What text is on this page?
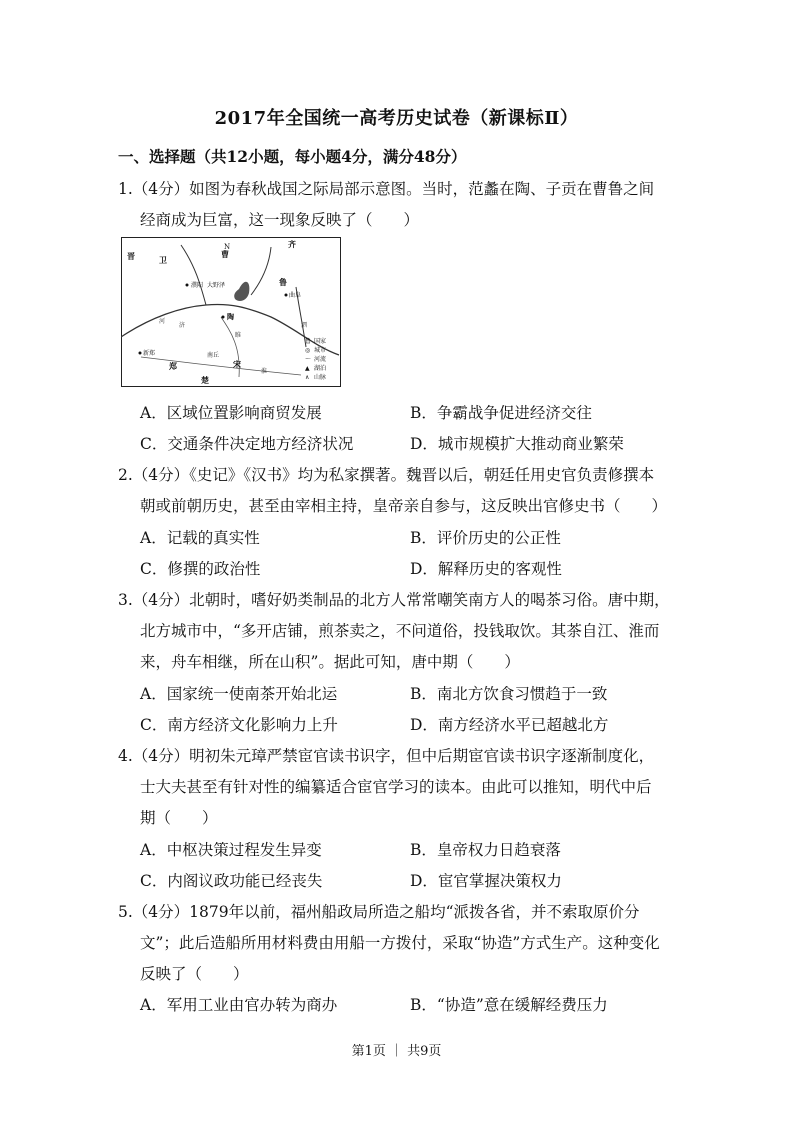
2017年全国统一高考历史试卷（新课标Ⅱ）
一、选择题（共12小题，每小题4分，满分48分）
1.（4分）如图为春秋战国之际局部示意图。当时，范蠡在陶、子贡在曹鲁之间
经商成为巨富，这一现象反映了（　　）
晋	卫
齐
N
鲁
曹
濮阳 大野泽
曲阜
陶
新郑	南丘
郑	宋
楚
河
济	泗
淮
睢
鲁 国家
◎ 城市
〜 河流
▲ 湖泊
∧ 山脉
A．区域位置影响商贸发展	B．争霸战争促进经济交往
C．交通条件决定地方经济状况	D．城市规模扩大推动商业繁荣
2.（4分）《史记》《汉书》均为私家撰著。魏晋以后，朝廷任用史官负责修撰本
朝或前朝历史，甚至由宰相主持，皇帝亲自参与，这反映出官修史书（　　）
A．记载的真实性	B．评价历史的公正性
C．修撰的政治性	D．解释历史的客观性
3.（4分）北朝时，嗜好奶类制品的北方人常常嘲笑南方人的喝茶习俗。唐中期，
北方城市中，“多开店铺，煎茶卖之，不问道俗，投钱取饮。其茶自江、淮而
来，舟车相继，所在山积”。据此可知，唐中期（　　）
A．国家统一使南茶开始北运	B．南北方饮食习惯趋于一致
C．南方经济文化影响力上升	D．南方经济水平已超越北方
4.（4分）明初朱元璋严禁宦官读书识字，但中后期宦官读书识字逐渐制度化，
士大夫甚至有针对性的编纂适合宦官学习的读本。由此可以推知，明代中后
期（　　）
A．中枢决策过程发生异变	B．皇帝权力日趋衰落
C．内阁议政功能已经丧失	D．宦官掌握决策权力
5.（4分）1879年以前，福州船政局所造之船均“派拨各省，并不索取原价分
文”；此后造船所用材料费由用船一方拨付，采取“协造”方式生产。这种变化
反映了（　　）
A．军用工业由官办转为商办	B．“协造”意在缓解经费压力
第1页 ｜ 共9页
